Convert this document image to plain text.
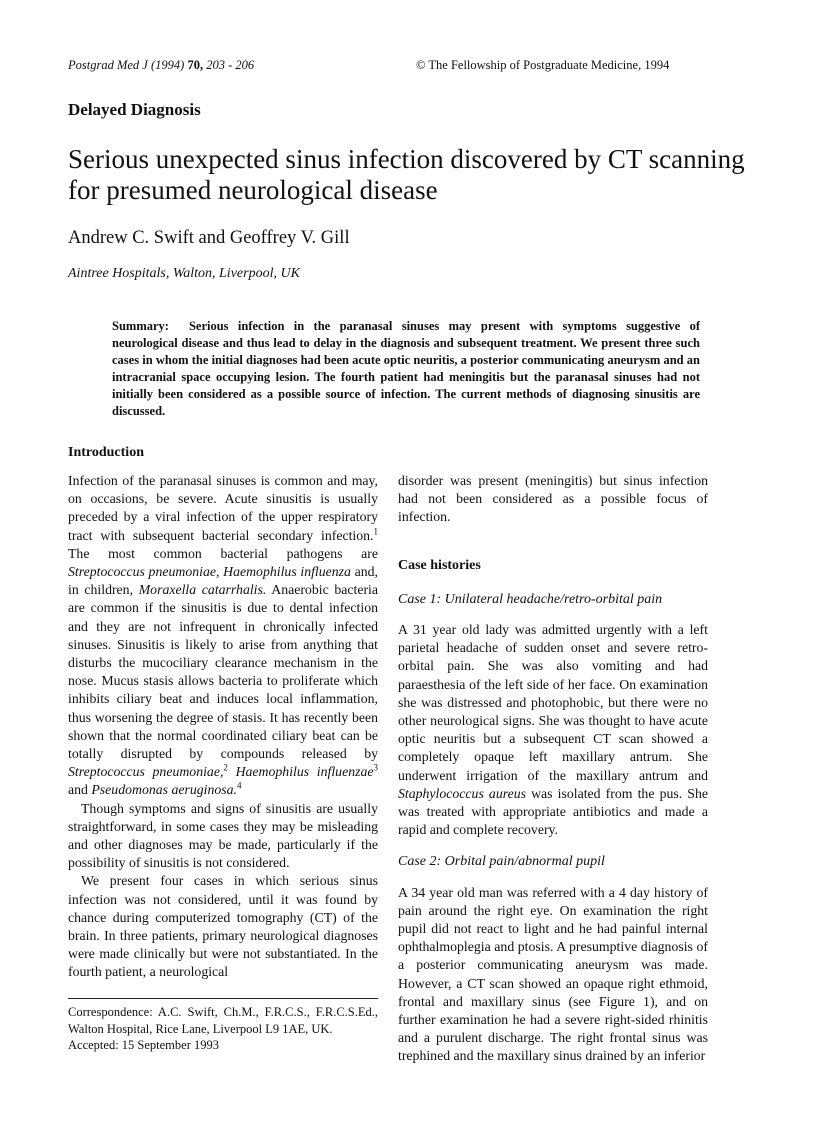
Postgrad Med J (1994) 70, 203 - 206	© The Fellowship of Postgraduate Medicine, 1994
Delayed Diagnosis
Serious unexpected sinus infection discovered by CT scanning for presumed neurological disease
Andrew C. Swift and Geoffrey V. Gill
Aintree Hospitals, Walton, Liverpool, UK

Summary: Serious infection in the paranasal sinuses may present with symptoms suggestive of neurological disease and thus lead to delay in the diagnosis and subsequent treatment. We present three such cases in whom the initial diagnoses had been acute optic neuritis, a posterior communicating aneurysm and an intracranial space occupying lesion. The fourth patient had meningitis but the paranasal sinuses had not initially been considered as a possible source of infection. The current methods of diagnosing sinusitis are discussed.

Introduction

Infection of the paranasal sinuses is common and may, on occasions, be severe. Acute sinusitis is usually preceded by a viral infection of the upper respiratory tract with subsequent bacterial secondary infection.$^1$ The most common bacterial pathogens are Streptococcus pneumoniae, Haemophilus influenza and, in children, Moraxella catarrhalis. Anaerobic bacteria are common if the sinusitis is due to dental infection and they are not infrequent in chronically infected sinuses. Sinusitis is likely to arise from anything that disturbs the mucociliary clearance mechanism in the nose. Mucus stasis allows bacteria to proliferate which inhibits ciliary beat and induces local inflammation, thus worsening the degree of stasis. It has recently been shown that the normal coordinated ciliary beat can be totally disrupted by compounds released by Streptococcus pneumoniae,$^2$ Haemophilus influenzae$^3$ and Pseudomonas aeruginosa.$^4$

Though symptoms and signs of sinusitis are usually straightforward, in some cases they may be misleading and other diagnoses may be made, particularly if the possibility of sinusitis is not considered.

We present four cases in which serious sinus infection was not considered, until it was found by chance during computerized tomography (CT) of the brain. In three patients, primary neurological diagnoses were made clinically but were not substantiated. In the fourth patient, a neurological

Correspondence: A.C. Swift, Ch.M., F.R.C.S., F.R.C.S.Ed., Walton Hospital, Rice Lane, Liverpool L9 1AE, UK.

Accepted: 15 September 1993

disorder was present (meningitis) but sinus infection had not been considered as a possible focus of infection.

Case histories
Case 1: Unilateral headache/retro-orbital pain

A 31 year old lady was admitted urgently with a left parietal headache of sudden onset and severe retro-orbital pain. She was also vomiting and had paraesthesia of the left side of her face. On examination she was distressed and photophobic, but there were no other neurological signs. She was thought to have acute optic neuritis but a subsequent CT scan showed a completely opaque left maxillary antrum. She underwent irrigation of the maxillary antrum and Staphylococcus aureus was isolated from the pus. She was treated with appropriate antibiotics and made a rapid and complete recovery.

Case 2: Orbital pain/abnormal pupil

A 34 year old man was referred with a 4 day history of pain around the right eye. On examination the right pupil did not react to light and he had painful internal ophthalmoplegia and ptosis. A presumptive diagnosis of a posterior communicating aneurysm was made. However, a CT scan showed an opaque right ethmoid, frontal and maxillary sinus (see Figure 1), and on further examination he had a severe right-sided rhinitis and a purulent discharge. The right frontal sinus was trephined and the maxillary sinus drained by an inferior
